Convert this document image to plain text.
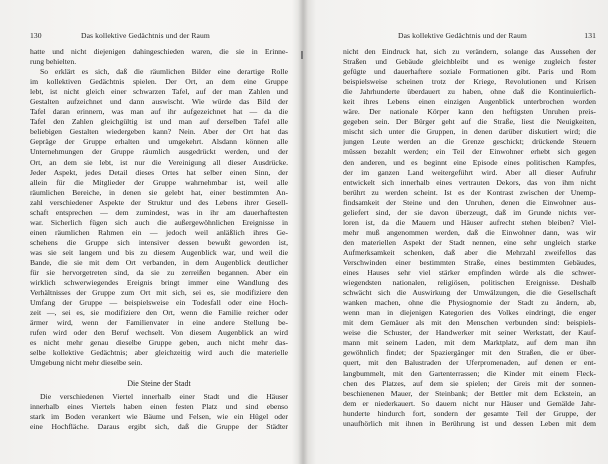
130	Das kollektive Gedächtnis und der Raum
hatte und nicht diejenigen dahingeschieden waren, die sie in Erinne-
rung behielten.
So erklärt es sich, daß die räumlichen Bilder eine derartige Rolle
im kollektiven Gedächtnis spielen. Der Ort, an dem eine Gruppe
lebt, ist nicht gleich einer schwarzen Tafel, auf der man Zahlen und
Gestalten aufzeichnet und dann auswischt. Wie würde das Bild der
Tafel daran erinnern, was man auf ihr aufgezeichnet hat — da die
Tafel den Zahlen gleichgültig ist und man auf derselben Tafel alle
beliebigen Gestalten wiedergeben kann? Nein. Aber der Ort hat das
Gepräge der Gruppe erhalten und umgekehrt. Alsdann können alle
Unternehmungen der Gruppe räumlich ausgedrückt werden, und der
Ort, an dem sie lebt, ist nur die Vereinigung all dieser Ausdrücke.
Jeder Aspekt, jedes Detail dieses Ortes hat selber einen Sinn, der
allein für die Mitglieder der Gruppe wahrnehmbar ist, weil alle
räumlichen Bereiche, in denen sie gelebt hat, einer bestimmten An-
zahl verschiedener Aspekte der Struktur und des Lebens ihrer Gesell-
schaft entsprechen — dem zumindest, was in ihr am dauerhaftesten
war. Sicherlich fügen sich auch die außergewöhnlichen Ereignisse in
einen räumlichen Rahmen ein — jedoch weil anläßlich ihres Ge-
schehens die Gruppe sich intensiver dessen bewußt geworden ist,
was sie seit langem und bis zu diesem Augenblick war, und weil die
Bande, die sie mit dem Ort verbanden, in dem Augenblick deutlicher
für sie hervorgetreten sind, da sie zu zerreißen begannen. Aber ein
wirklich schwerwiegendes Ereignis bringt immer eine Wandlung des
Verhältnisses der Gruppe zum Ort mit sich, sei es, sie modifiziere den
Umfang der Gruppe — beispielsweise ein Todesfall oder eine Hoch-
zeit —, sei es, sie modifiziere den Ort, wenn die Familie reicher oder
ärmer wird, wenn der Familienvater in eine andere Stellung be-
rufen wird oder den Beruf wechselt. Von diesem Augenblick an wird
es nicht mehr genau dieselbe Gruppe geben, auch nicht mehr das-
selbe kollektive Gedächtnis; aber gleichzeitig wird auch die materielle
Umgebung nicht mehr dieselbe sein.
Die Steine der Stadt
Die verschiedenen Viertel innerhalb einer Stadt und die Häuser
innerhalb eines Viertels haben einen festen Platz und sind ebenso
stark im Boden verankert wie Bäume und Felsen, wie ein Hügel oder
eine Hochfläche. Daraus ergibt sich, daß die Gruppe der Städter
Das kollektive Gedächtnis und der Raum	131
nicht den Eindruck hat, sich zu verändern, solange das Aussehen der
Straßen und Gebäude gleichbleibt und es wenige zugleich fester
gefügte und dauerhaftere soziale Formationen gibt. Paris und Rom
beispielsweise scheinen trotz der Kriege, Revolutionen und Krisen
die Jahrhunderte überdauert zu haben, ohne daß die Kontinuierlich-
keit ihres Lebens einen einzigen Augenblick unterbrochen worden
wäre. Der nationale Körper kann den heftigsten Unruhen preis-
gegeben sein. Der Bürger geht auf die Straße, liest die Neuigkeiten,
mischt sich unter die Gruppen, in denen darüber diskutiert wird; die
jungen Leute werden an die Grenze geschickt; drückende Steuern
müssen bezahlt werden; ein Teil der Einwohner erhebt sich gegen
den anderen, und es beginnt eine Episode eines politischen Kampfes,
der im ganzen Land weitergeführt wird. Aber all dieser Aufruhr
entwickelt sich innerhalb eines vertrauten Dekors, das von ihm nicht
berührt zu werden scheint. Ist es der Kontrast zwischen der Unemp-
findsamkeit der Steine und den Unruhen, denen die Einwohner aus-
geliefert sind, der sie davon überzeugt, daß im Grunde nichts ver-
loren ist, da die Mauern und Häuser aufrecht stehen bleiben? Viel-
mehr muß angenommen werden, daß die Einwohner dann, was wir
den materiellen Aspekt der Stadt nennen, eine sehr ungleich starke
Aufmerksamkeit schenken, daß aber die Mehrzahl zweifellos das
Verschwinden einer bestimmten Straße, eines bestimmten Gebäudes,
eines Hauses sehr viel stärker empfinden würde als die schwer-
wiegendsten nationalen, religiösen, politischen Ereignisse. Deshalb
schwächt sich die Auswirkung der Umwälzungen, die die Gesellschaft
wanken machen, ohne die Physiognomie der Stadt zu ändern, ab,
wenn man in diejenigen Kategorien des Volkes eindringt, die enger
mit dem Gemäuer als mit den Menschen verbunden sind: beispiels-
weise die Schuster, der Handwerker mit seiner Werkstatt, der Kauf-
mann mit seinem Laden, mit dem Marktplatz, auf dem man ihn
gewöhnlich findet; der Spaziergänger mit den Straßen, die er über-
quert, mit den Balustraden der Uferpromenaden, auf denen er ent-
langbummelt, mit den Gartenterrassen; die Kinder mit einem Fleck-
chen des Platzes, auf dem sie spielen; der Greis mit der sonnen-
beschienenen Mauer, der Steinbank; der Bettler mit dem Eckstein, an
dem er niederkauert. So dauern nicht nur Häuser und Gemälde Jahr-
hunderte hindurch fort, sondern der gesamte Teil der Gruppe, der
unaufhörlich mit ihnen in Berührung ist und dessen Leben mit dem
